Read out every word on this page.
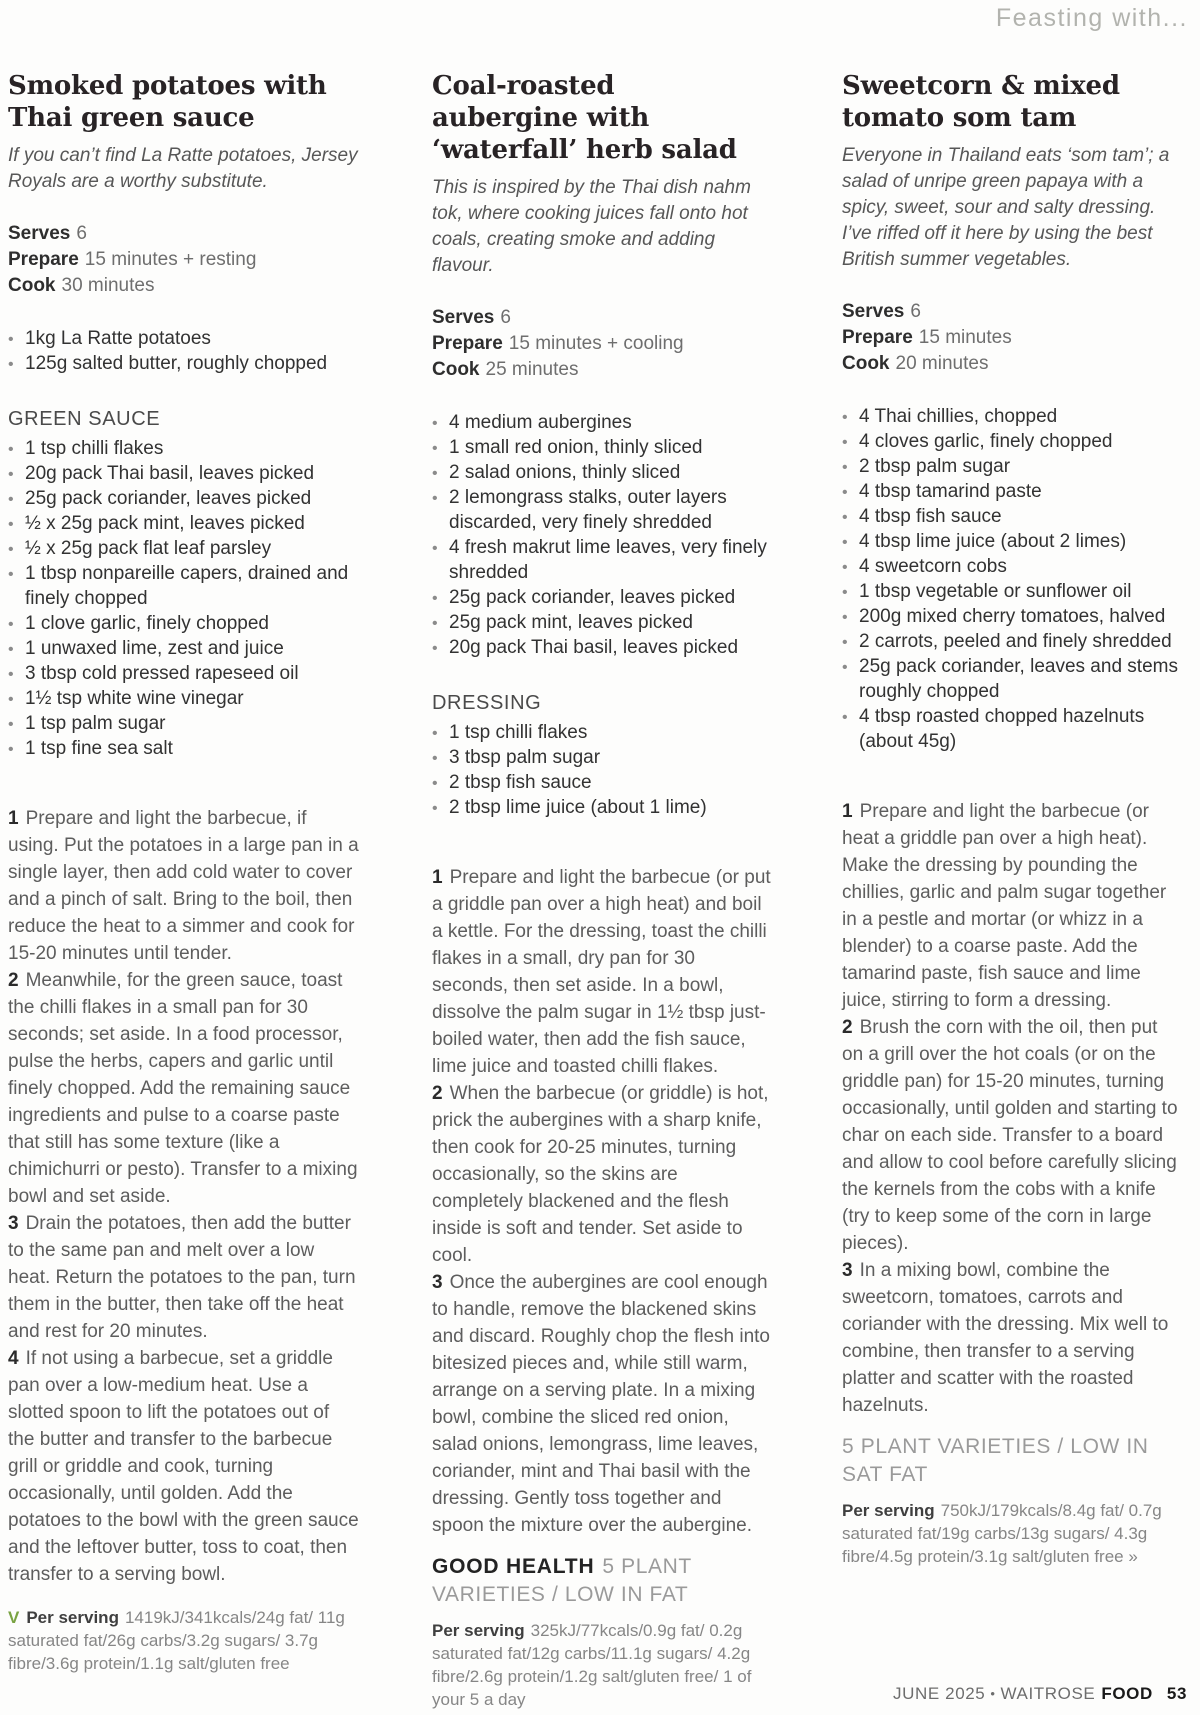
Feasting with...
Smoked potatoes with
Thai green sauce

If you can’t find La Ratte potatoes, Jersey Royals are a worthy substitute.

Serves 6
Prepare 15 minutes + resting
Cook 30 minutes
•
1kg La Ratte potatoes
•
125g salted butter, roughly chopped
GREEN SAUCE
•
1 tsp chilli flakes
•
20g pack Thai basil, leaves picked
•
25g pack coriander, leaves picked
•
½ x 25g pack mint, leaves picked
•
½ x 25g pack flat leaf parsley
•
1 tbsp nonpareille capers, drained and finely chopped
•
1 clove garlic, finely chopped
•
1 unwaxed lime, zest and juice
•
3 tbsp cold pressed rapeseed oil
•
1½ tsp white wine vinegar
•
1 tsp palm sugar
•
1 tsp fine sea salt

1 Prepare and light the barbecue, if using. Put the potatoes in a large pan in a single layer, then add cold water to cover and a pinch of salt. Bring to the boil, then reduce the heat to a simmer and cook for 15-20 minutes until tender.

2 Meanwhile, for the green sauce, toast the chilli flakes in a small pan for 30 seconds; set aside. In a food processor, pulse the herbs, capers and garlic until finely chopped. Add the remaining sauce ingredients and pulse to a coarse paste that still has some texture (like a chimichurri or pesto). Transfer to a mixing bowl and set aside.

3 Drain the potatoes, then add the butter to the same pan and melt over a low heat. Return the potatoes to the pan, turn them in the butter, then take off the heat and rest for 20 minutes.

4 If not using a barbecue, set a griddle pan over a low-medium heat. Use a slotted spoon to lift the potatoes out of the butter and transfer to the barbecue grill or griddle and cook, turning occasionally, until golden. Add the potatoes to the bowl with the green sauce and the leftover butter, toss to coat, then transfer to a serving bowl.

V Per serving 1419kJ/341kcals/24g fat/ 11g saturated fat/26g carbs/3.2g sugars/ 3.7g fibre/3.6g protein/1.1g salt/gluten free

Coal-roasted
aubergine with
‘waterfall’ herb salad

This is inspired by the Thai dish nahm tok, where cooking juices fall onto hot coals, creating smoke and adding flavour.

Serves 6
Prepare 15 minutes + cooling
Cook 25 minutes
•
4 medium aubergines
•
1 small red onion, thinly sliced
•
2 salad onions, thinly sliced
•
2 lemongrass stalks, outer layers discarded, very finely shredded
•
4 fresh makrut lime leaves, very finely shredded
•
25g pack coriander, leaves picked
•
25g pack mint, leaves picked
•
20g pack Thai basil, leaves picked
DRESSING
•
1 tsp chilli flakes
•
3 tbsp palm sugar
•
2 tbsp fish sauce
•
2 tbsp lime juice (about 1 lime)

1 Prepare and light the barbecue (or put a griddle pan over a high heat) and boil a kettle. For the dressing, toast the chilli flakes in a small, dry pan for 30 seconds, then set aside. In a bowl, dissolve the palm sugar in 1½ tbsp just-boiled water, then add the fish sauce, lime juice and toasted chilli flakes.

2 When the barbecue (or griddle) is hot, prick the aubergines with a sharp knife, then cook for 20-25 minutes, turning occasionally, so the skins are completely blackened and the flesh inside is soft and tender. Set aside to cool.

3 Once the aubergines are cool enough to handle, remove the blackened skins and discard. Roughly chop the flesh into bitesized pieces and, while still warm, arrange on a serving plate. In a mixing bowl, combine the sliced red onion, salad onions, lemongrass, lime leaves, coriander, mint and Thai basil with the dressing. Gently toss together and spoon the mixture over the aubergine.

GOOD HEALTH 5 PLANT VARIETIES / LOW IN FAT

Per serving 325kJ/77kcals/0.9g fat/ 0.2g saturated fat/12g carbs/11.1g sugars/ 4.2g fibre/2.6g protein/1.2g salt/gluten free/ 1 of your 5 a day

Sweetcorn & mixed
tomato som tam

Everyone in Thailand eats ‘som tam’; a salad of unripe green papaya with a spicy, sweet, sour and salty dressing. I’ve riffed off it here by using the best British summer vegetables.

Serves 6
Prepare 15 minutes
Cook 20 minutes
•
4 Thai chillies, chopped
•
4 cloves garlic, finely chopped
•
2 tbsp palm sugar
•
4 tbsp tamarind paste
•
4 tbsp fish sauce
•
4 tbsp lime juice (about 2 limes)
•
4 sweetcorn cobs
•
1 tbsp vegetable or sunflower oil
•
200g mixed cherry tomatoes, halved
•
2 carrots, peeled and finely shredded
•
25g pack coriander, leaves and stems roughly chopped
•
4 tbsp roasted chopped hazelnuts (about 45g)

1 Prepare and light the barbecue (or heat a griddle pan over a high heat). Make the dressing by pounding the chillies, garlic and palm sugar together in a pestle and mortar (or whizz in a blender) to a coarse paste. Add the tamarind paste, fish sauce and lime juice, stirring to form a dressing.

2 Brush the corn with the oil, then put on a grill over the hot coals (or on the griddle pan) for 15-20 minutes, turning occasionally, until golden and starting to char on each side. Transfer to a board and allow to cool before carefully slicing the kernels from the cobs with a knife (try to keep some of the corn in large pieces).

3 In a mixing bowl, combine the sweetcorn, tomatoes, carrots and coriander with the dressing. Mix well to combine, then transfer to a serving platter and scatter with the roasted hazelnuts.

5 PLANT VARIETIES / LOW IN SAT FAT

Per serving 750kJ/179kcals/8.4g fat/ 0.7g saturated fat/19g carbs/13g sugars/ 4.3g fibre/4.5g protein/3.1g salt/gluten free »

JUNE 2025 • WAITROSE FOOD 53
